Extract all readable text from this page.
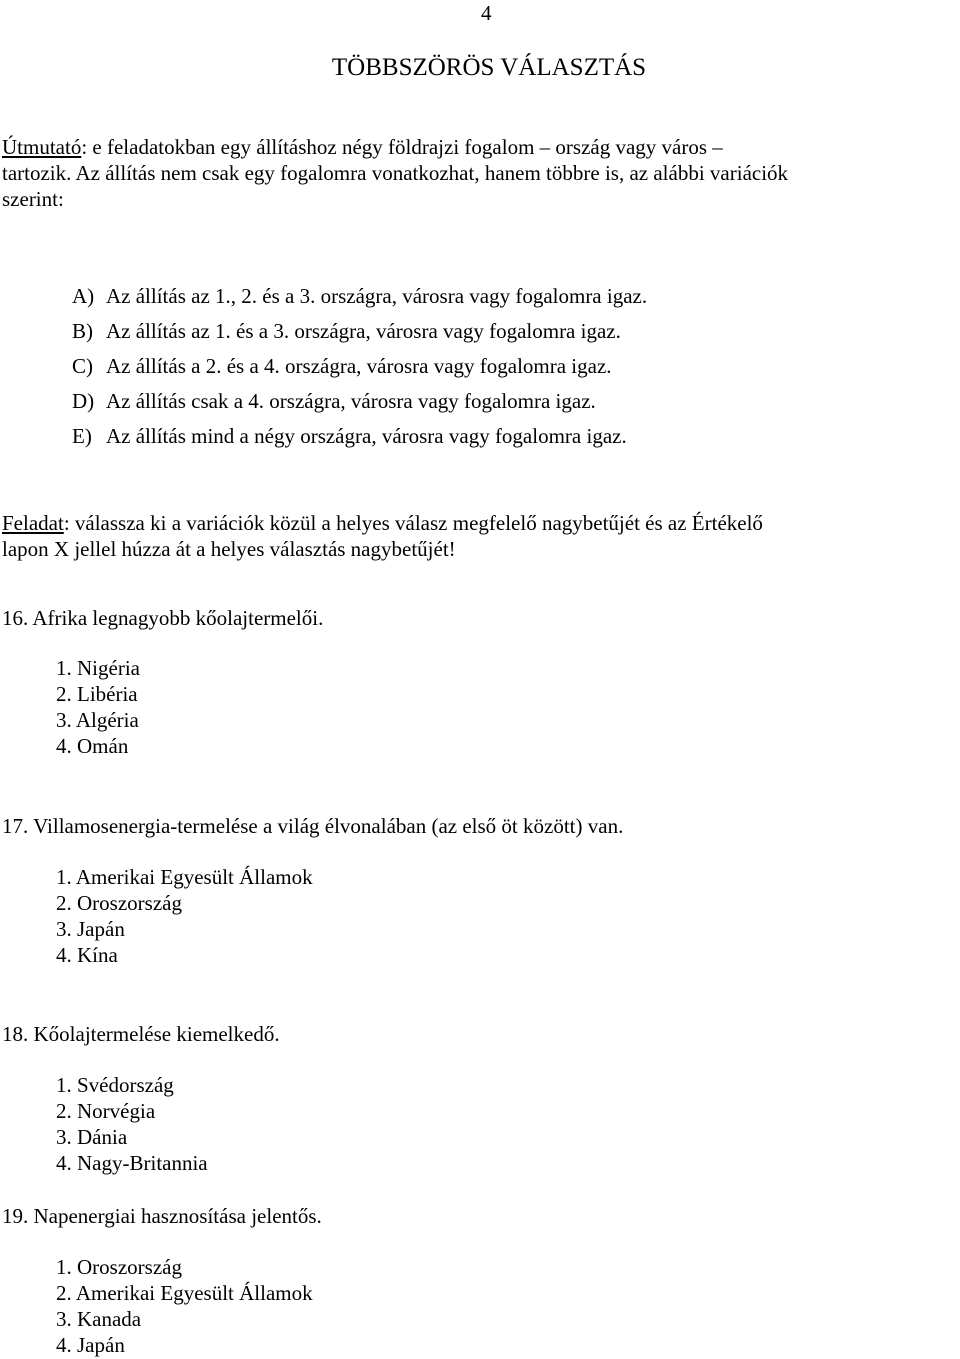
4
TÖBBSZÖRÖS VÁLASZTÁS

Útmutató: e feladatokban egy állításhoz négy földrajzi fogalom – ország vagy város –

tartozik. Az állítás nem csak egy fogalomra vonatkozhat, hanem többre is, az alábbi variációk

szerint:

A) Az állítás az 1., 2. és a 3. országra, városra vagy fogalomra igaz.
B) Az állítás az 1. és a 3. országra, városra vagy fogalomra igaz.
C) Az állítás a 2. és a 4. országra, városra vagy fogalomra igaz.
D) Az állítás csak a 4. országra, városra vagy fogalomra igaz.
E) Az állítás mind a négy országra, városra vagy fogalomra igaz.

Feladat: válassza ki a variációk közül a helyes válasz megfelelő nagybetűjét és az Értékelő

lapon X jellel húzza át a helyes választás nagybetűjét!

16. Afrika legnagyobb kőolajtermelői.
1. Nigéria
2. Libéria
3. Algéria
4. Omán
17. Villamosenergia-termelése a világ élvonalában (az első öt között) van.
1. Amerikai Egyesült Államok
2. Oroszország
3. Japán
4. Kína
18. Kőolajtermelése kiemelkedő.
1. Svédország
2. Norvégia
3. Dánia
4. Nagy-Britannia
19. Napenergiai hasznosítása jelentős.
1. Oroszország
2. Amerikai Egyesült Államok
3. Kanada
4. Japán
